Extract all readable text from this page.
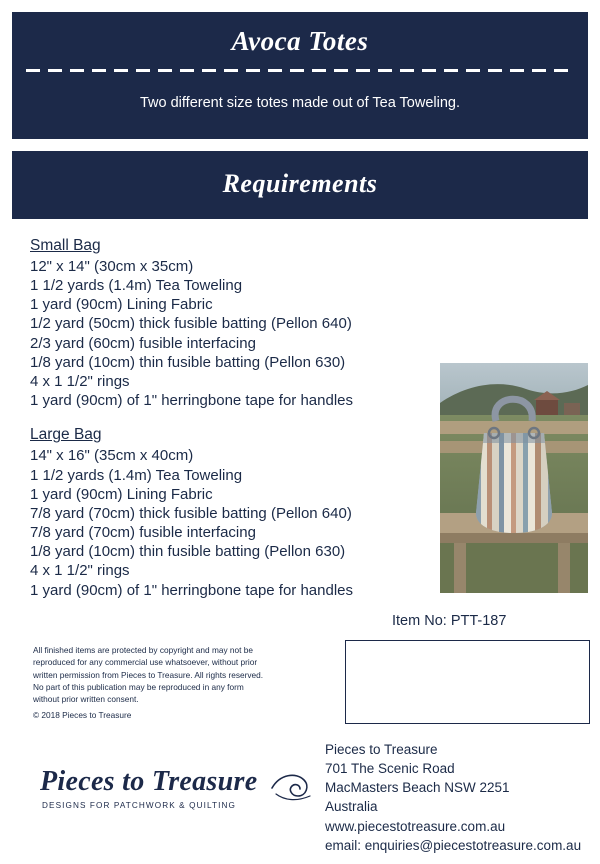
Avoca Totes
Two different size totes made out of Tea Toweling.
Requirements
Small Bag
12" x 14" (30cm x 35cm)
1 1/2 yards (1.4m) Tea Toweling
1 yard (90cm) Lining Fabric
1/2 yard (50cm) thick fusible batting (Pellon 640)
2/3 yard (60cm) fusible interfacing
1/8 yard (10cm) thin fusible batting (Pellon 630)
4 x 1 1/2" rings
1 yard (90cm) of 1" herringbone tape for handles
Large Bag
14" x 16" (35cm x 40cm)
1 1/2 yards (1.4m) Tea Toweling
1 yard (90cm) Lining Fabric
7/8 yard (70cm) thick fusible batting (Pellon 640)
7/8 yard (70cm) fusible interfacing
1/8 yard (10cm) thin fusible batting (Pellon 630)
4 x 1 1/2" rings
1 yard (90cm) of 1" herringbone tape for handles
Item No: PTT-187

All finished items are protected by copyright and may not be

reproduced for any commercial use whatsoever, without prior

written permission from Pieces to Treasure. All rights reserved.

No part of this publication may be reproduced in any form

without prior written consent.

© 2018 Pieces to Treasure

Pieces to Treasure
701 The Scenic Road
MacMasters Beach NSW 2251
Australia
www.piecestotreasure.com.au
email: enquiries@piecestotreasure.com.au
Pieces to Treasure
DESIGNS FOR PATCHWORK & QUILTING
